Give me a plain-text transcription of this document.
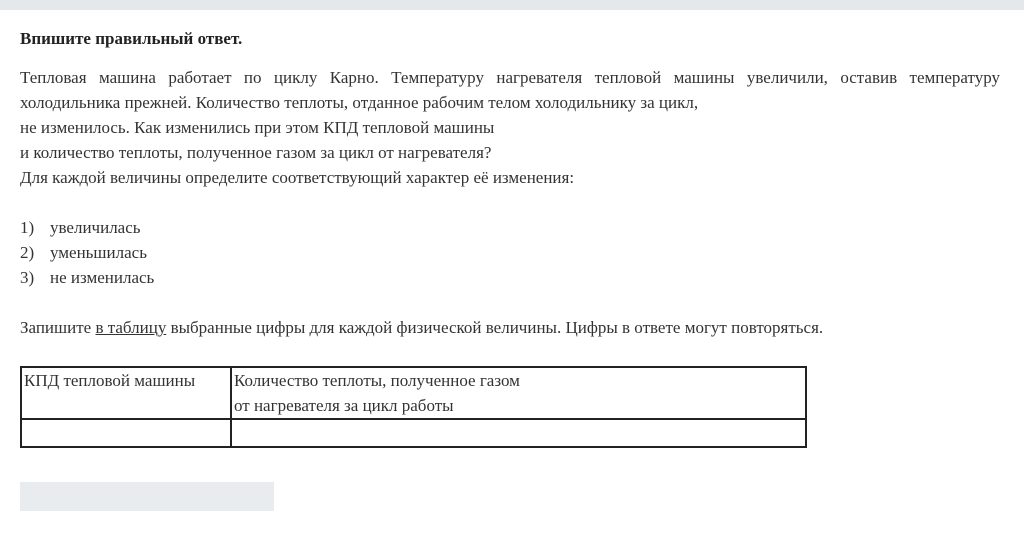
Впишите правильный ответ.
Тепловая машина работает по циклу Карно. Температуру нагревателя тепловой машины увеличили, оставив температуру
холодильника прежней. Количество теплоты, отданное рабочим телом холодильнику за цикл,
не изменилось. Как изменились при этом КПД тепловой машины
и количество теплоты, полученное газом за цикл от нагревателя?
Для каждой величины определите соответствующий характер её изменения:
1) увеличилась
2) уменьшилась
3) не изменилась
Запишите в таблицу выбранные цифры для каждой физической величины. Цифры в ответе могут повторяться.
КПД тепловой машины	Количество теплоты, полученное газом
от нагревателя за цикл работы
